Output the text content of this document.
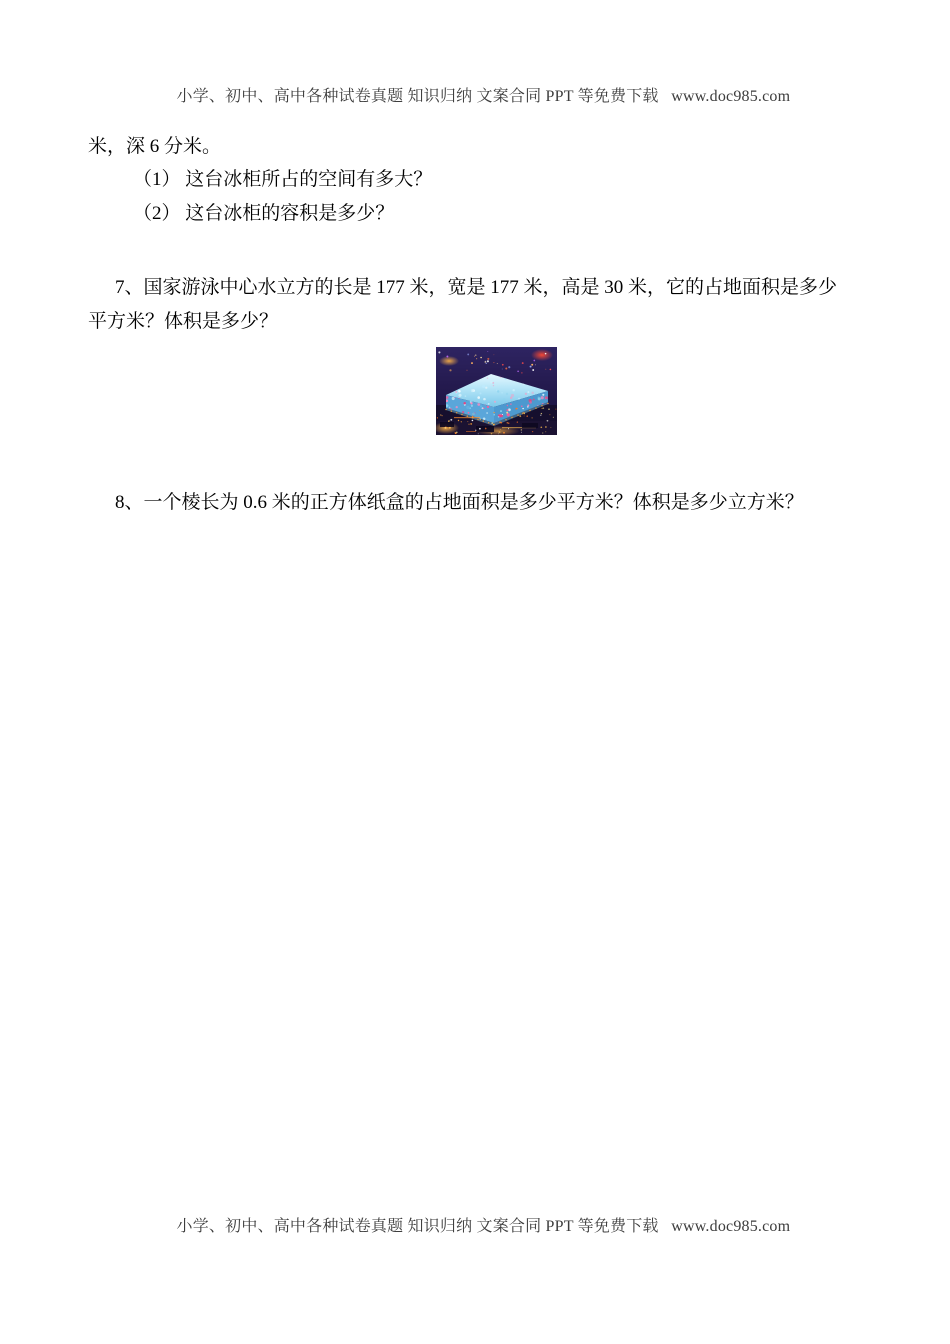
小学、初中、高中各种试卷真题 知识归纳 文案合同 PPT 等免费下载   www.doc985.com

米，深 6 分米。

（1） 这台冰柜所占的空间有多大？

（2） 这台冰柜的容积是多少？

7、国家游泳中心水立方的长是 177 米，宽是 177 米，高是 30 米，它的占地面积是多少

平方米？体积是多少？

8、一个棱长为 0.6 米的正方体纸盒的占地面积是多少平方米？体积是多少立方米？

小学、初中、高中各种试卷真题 知识归纳 文案合同 PPT 等免费下载   www.doc985.com
